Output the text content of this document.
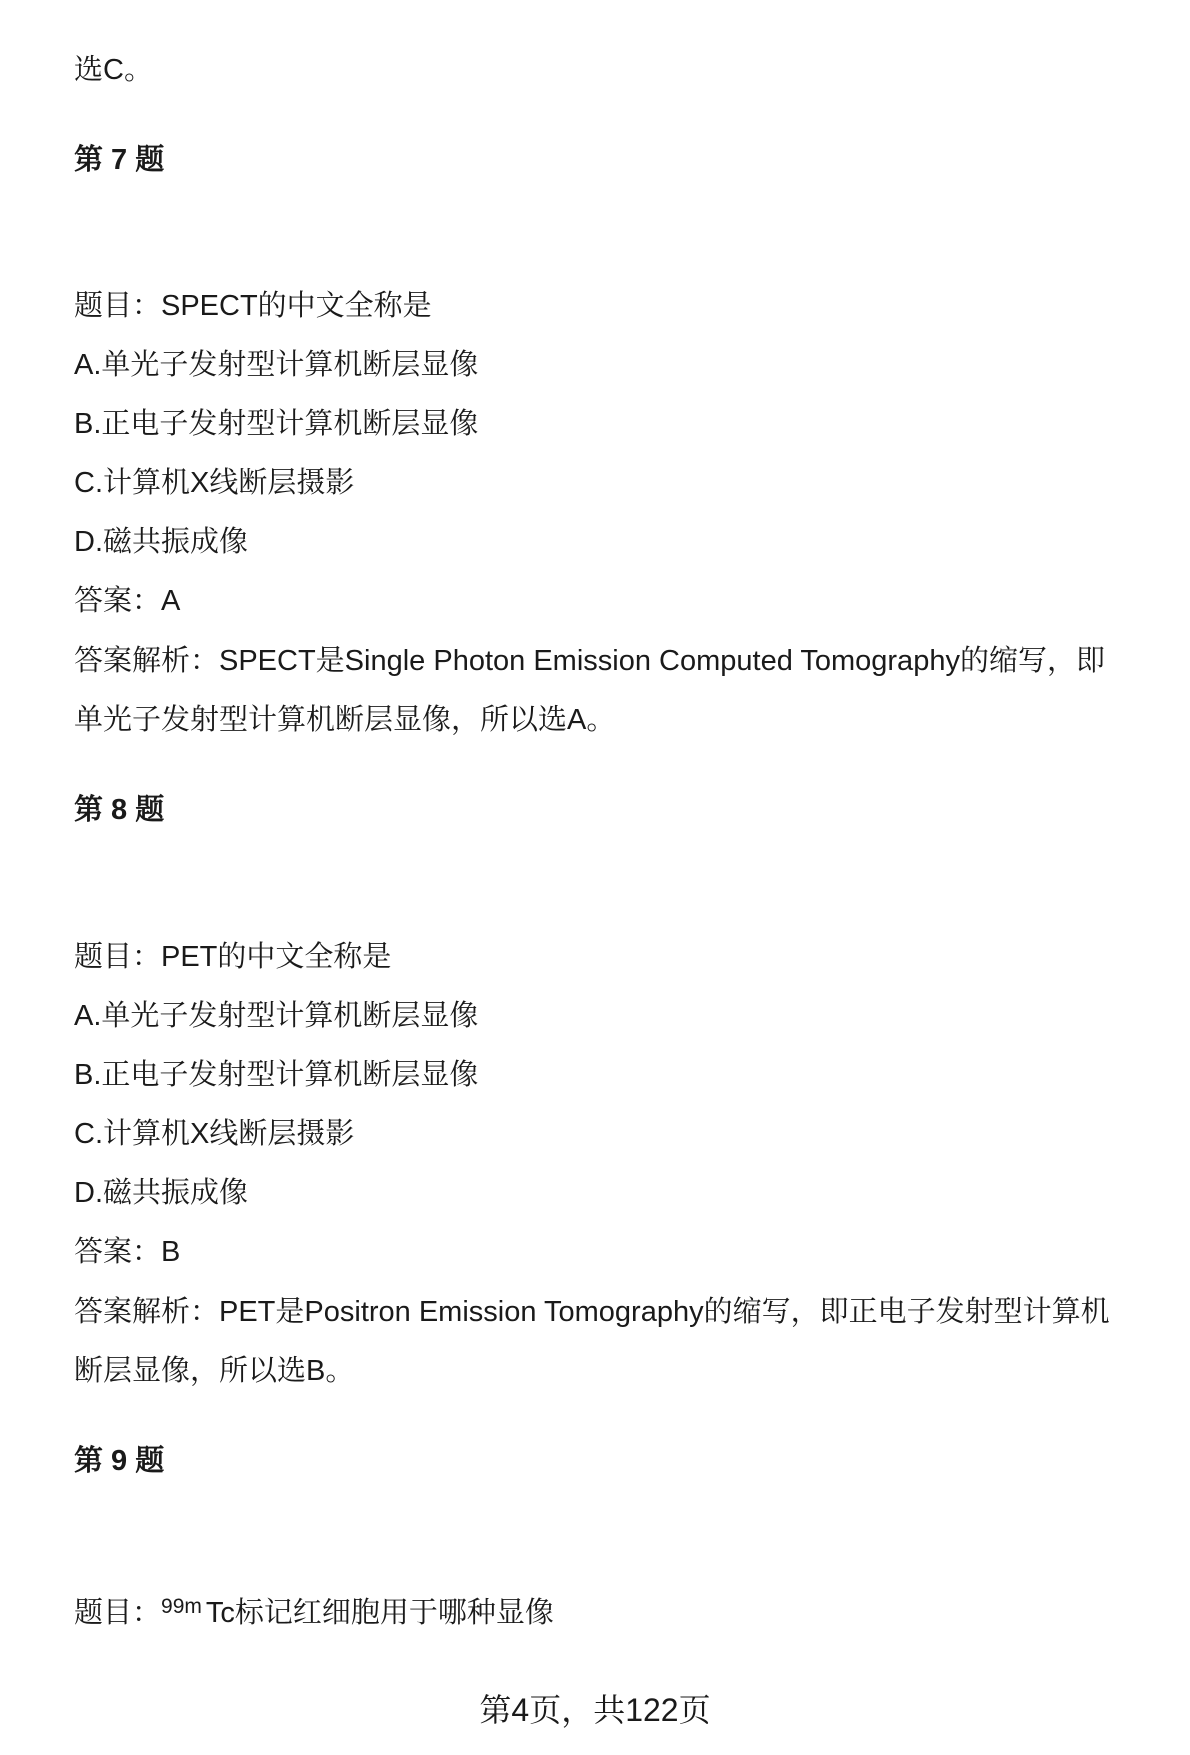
选C。
第 7 题
题目：SPECT的中文全称是
A.单光子发射型计算机断层显像
B.正电子发射型计算机断层显像
C.计算机X线断层摄影
D.磁共振成像
答案：A
答案解析：SPECT是Single Photon Emission Computed Tomography的缩写，即
单光子发射型计算机断层显像，所以选A。
第 8 题
题目：PET的中文全称是
A.单光子发射型计算机断层显像
B.正电子发射型计算机断层显像
C.计算机X线断层摄影
D.磁共振成像
答案：B
答案解析：PET是Positron Emission Tomography的缩写，即正电子发射型计算机
断层显像，所以选B。
第 9 题
题目：$^{99m}$ Tc标记红细胞用于哪种显像
第4页，共122页
